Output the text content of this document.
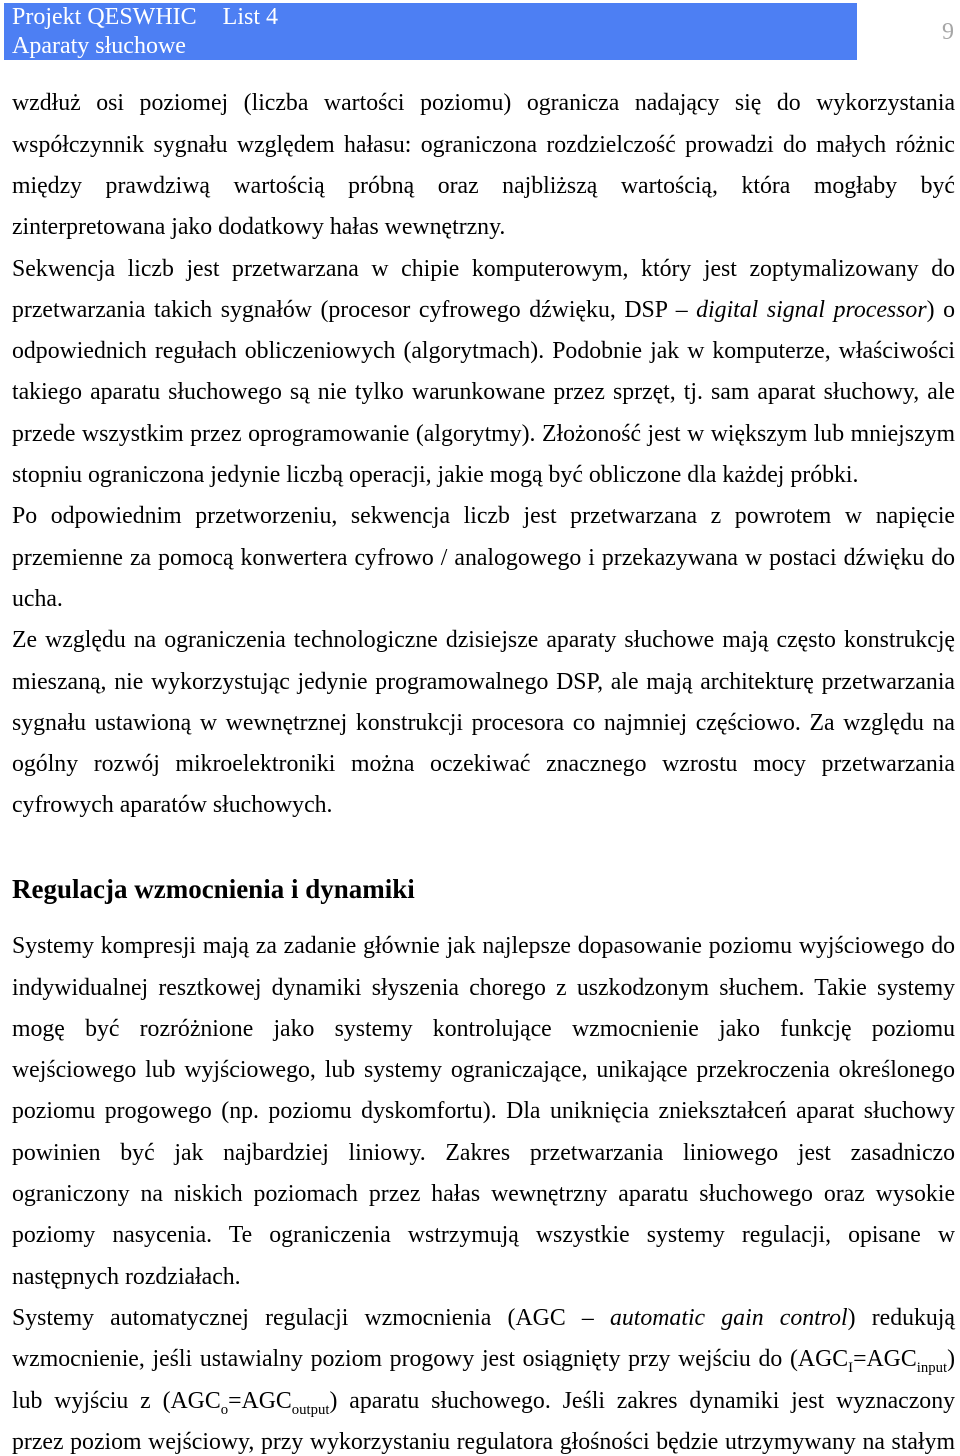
Projekt QESWHIC List 4
Aparaty słuchowe
9
wzdłuż osi poziomej (liczba wartości poziomu) ogranicza nadający się do wykorzystania
współczynnik sygnału względem hałasu: ograniczona rozdzielczość prowadzi do małych różnic
między prawdziwą wartością próbną oraz najbliższą wartością, która mogłaby być
zinterpretowana jako dodatkowy hałas wewnętrzny.
Sekwencja liczb jest przetwarzana w chipie komputerowym, który jest zoptymalizowany do
przetwarzania takich sygnałów (procesor cyfrowego dźwięku, DSP – digital signal processor) o
odpowiednich regułach obliczeniowych (algorytmach). Podobnie jak w komputerze, właściwości
takiego aparatu słuchowego są nie tylko warunkowane przez sprzęt, tj. sam aparat słuchowy, ale
przede wszystkim przez oprogramowanie (algorytmy). Złożoność jest w większym lub mniejszym
stopniu ograniczona jedynie liczbą operacji, jakie mogą być obliczone dla każdej próbki.
Po odpowiednim przetworzeniu, sekwencja liczb jest przetwarzana z powrotem w napięcie
przemienne za pomocą konwertera cyfrowo / analogowego i przekazywana w postaci dźwięku do
ucha.
Ze względu na ograniczenia technologiczne dzisiejsze aparaty słuchowe mają często konstrukcję
mieszaną, nie wykorzystując jedynie programowalnego DSP, ale mają architekturę przetwarzania
sygnału ustawioną w wewnętrznej konstrukcji procesora co najmniej częściowo. Za względu na
ogólny rozwój mikroelektroniki można oczekiwać znacznego wzrostu mocy przetwarzania
cyfrowych aparatów słuchowych.
Regulacja wzmocnienia i dynamiki
Systemy kompresji mają za zadanie głównie jak najlepsze dopasowanie poziomu wyjściowego do
indywidualnej resztkowej dynamiki słyszenia chorego z uszkodzonym słuchem. Takie systemy
mogę być rozróżnione jako systemy kontrolujące wzmocnienie jako funkcję poziomu
wejściowego lub wyjściowego, lub systemy ograniczające, unikające przekroczenia określonego
poziomu progowego (np. poziomu dyskomfortu). Dla uniknięcia zniekształceń aparat słuchowy
powinien być jak najbardziej liniowy. Zakres przetwarzania liniowego jest zasadniczo
ograniczony na niskich poziomach przez hałas wewnętrzny aparatu słuchowego oraz wysokie
poziomy nasycenia. Te ograniczenia wstrzymują wszystkie systemy regulacji, opisane w
następnych rozdziałach.
Systemy automatycznej regulacji wzmocnienia (AGC – automatic gain control) redukują
wzmocnienie, jeśli ustawialny poziom progowy jest osiągnięty przy wejściu do $(AGC_I=AGC_{input})$
lub wyjściu z $(AGC_o=AGC_{output})$ aparatu słuchowego. Jeśli zakres dynamiki jest wyznaczony
przez poziom wejściowy, przy wykorzystaniu regulatora głośności będzie utrzymywany na stałym
